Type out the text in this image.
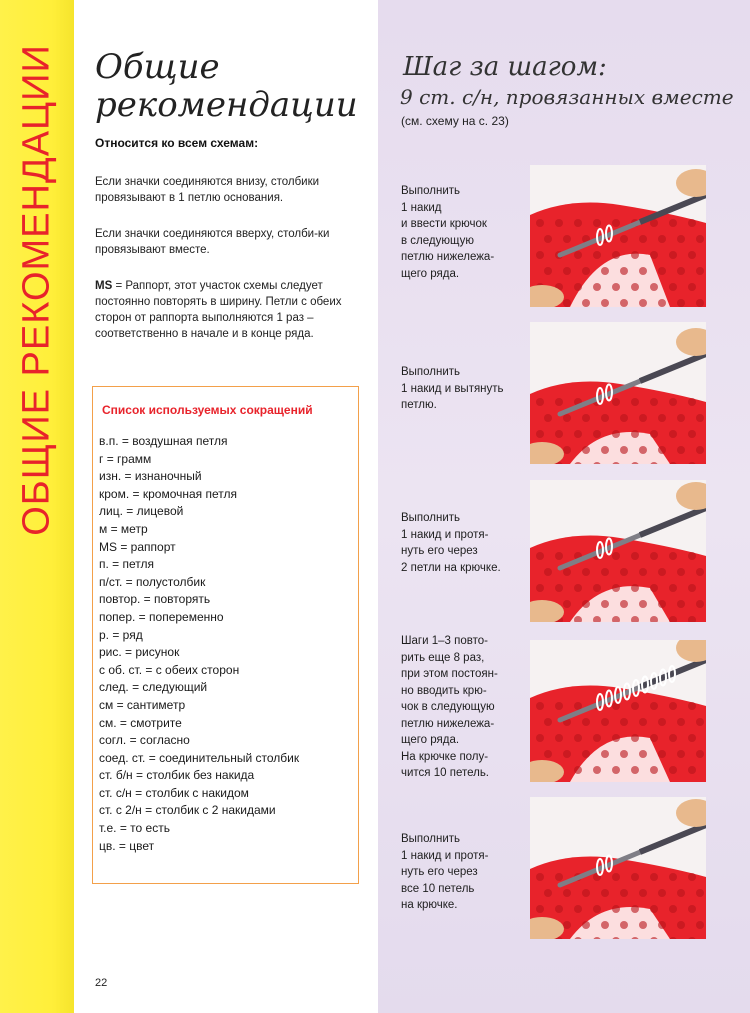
ОБЩИЕ РЕКОМЕНДАЦИИ Общие
рекомендации
Относится ко всем схемам:
Если значки соединяются внизу, столбики провязывают в 1 петлю основания.
Если значки соединяются вверху, столби-ки провязывают вместе.
MS = Раппорт, этот участок схемы следует постоянно повторять в ширину. Петли с обеих сторон от раппорта выполняются 1 раз – соответственно в начале и в конце ряда.
Список используемых сокращений
в.п. = воздушная петля
г = грамм
изн. = изнаночный
кром. = кромочная петля
лиц. = лицевой
м = метр
MS = раппорт
п. = петля
п/ст. = полустолбик
повтор. = повторять
попер. = попеременно
р. = ряд
рис. = рисунок
с об. ст. = с обеих сторон
след. = следующий
см = сантиметр
см. = смотрите
согл. = согласно
соед. ст. = соединительный столбик
ст. б/н = столбик без накида
ст. с/н = столбик с накидом
ст. с 2/н = столбик с 2 накидами
т.е. = то есть
цв. = цвет
22
Шаг за шагом:
9 ст. с/н, провязанных вместе
(см. схему на с. 23)
Выполнить
1 накид
и ввести крючок
в следующую
петлю нижележа-
щего ряда.
Выполнить
1 накид и вытянуть
петлю.
Выполнить
1 накид и протя-
нуть его через
2 петли на крючке.
Шаги 1–3 повто-
рить еще 8 раз,
при этом постоян-
но вводить крю-
чок в следующую
петлю нижележа-
щего ряда.
На крючке полу-
чится 10 петель.
Выполнить
1 накид и протя-
нуть его через
все 10 петель
на крючке.
